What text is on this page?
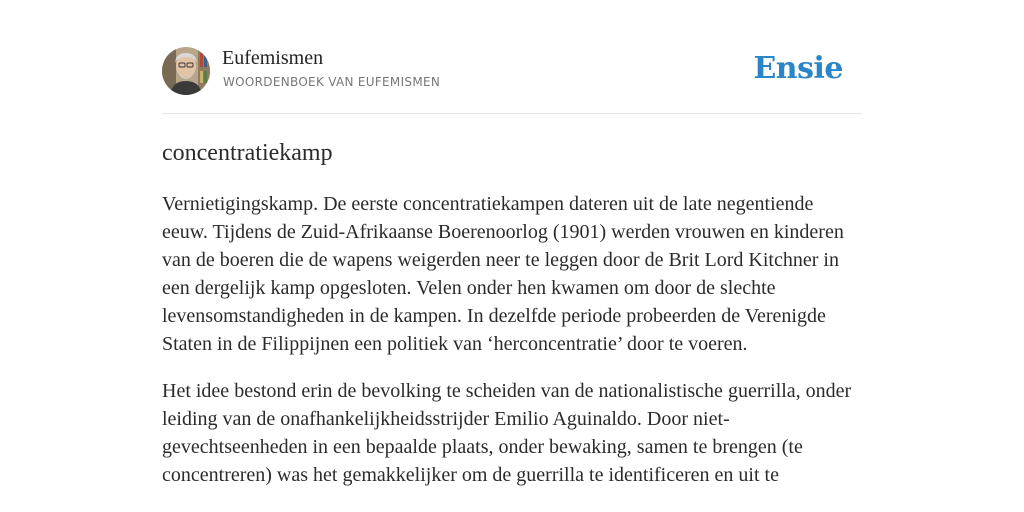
Eufemismen
WOORDENBOEK VAN EUFEMISMEN	Ensie
concentratiekamp

Vernietigingskamp. De eerste concentratiekampen dateren uit de late negentiende eeuw. Tijdens de Zuid-Afrikaanse Boerenoorlog (1901) werden vrouwen en kinderen van de boeren die de wapens weigerden neer te leggen door de Brit Lord Kitchner in een dergelijk kamp opgesloten. Velen onder hen kwamen om door de slechte levensomstandigheden in de kampen. In dezelfde periode probeerden de Verenigde Staten in de Filippijnen een politiek van ‘herconcentratie’ door te voeren.

Het idee bestond erin de bevolking te scheiden van de nationalistische guerrilla, onder leiding van de onafhankelijkheidsstrijder Emilio Aguinaldo. Door niet-gevechtseenheden in een bepaalde plaats, onder bewaking, samen te brengen (te concentreren) was het gemakkelijker om de guerrilla te identificeren en uit te
